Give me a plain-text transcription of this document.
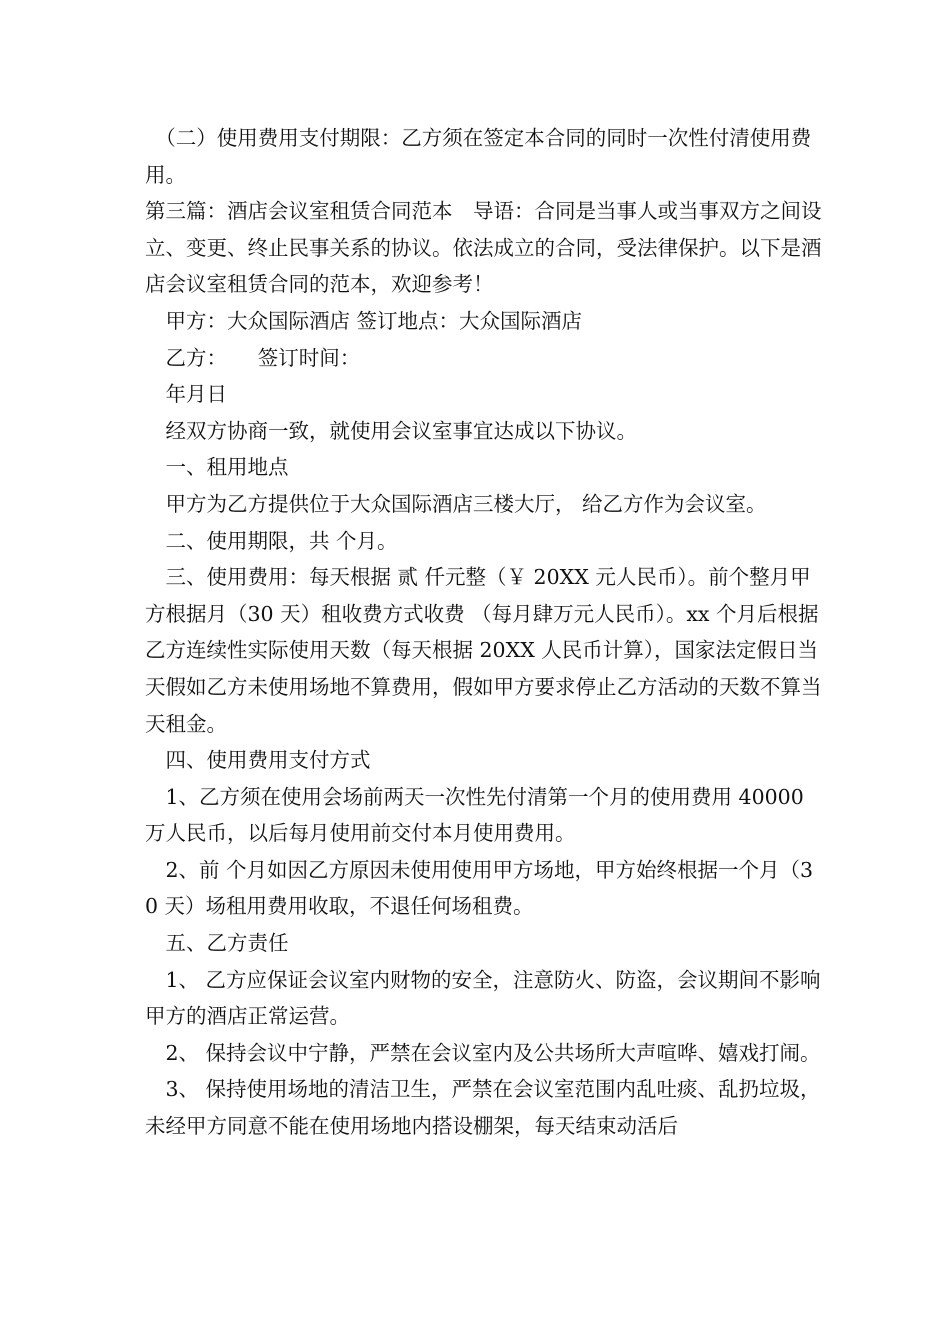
　（二）使用费用支付期限：乙方须在签定本合同的同时一次性付清使用费用。

第三篇：酒店会议室租赁合同范本　导语：合同是当事人或当事双方之间设立、变更、终止民事关系的协议。依法成立的合同，受法律保护。以下是酒店会议室租赁合同的范本，欢迎参考！

　甲方：大众国际酒店 签订地点：大众国际酒店

　乙方：　　签订时间：

　年月日

　经双方协商一致，就使用会议室事宜达成以下协议。

　一、租用地点

　甲方为乙方提供位于大众国际酒店三楼大厅， 给乙方作为会议室。

　二、使用期限，共 个月。

　三、使用费用：每天根据 贰 仟元整（￥ 20XX 元人民币）。前个整月甲方根据月（30 天）租收费方式收费 （每月肆万元人民币）。xx 个月后根据乙方连续性实际使用天数（每天根据 20XX 人民币计算），国家法定假日当天假如乙方未使用场地不算费用，假如甲方要求停止乙方活动的天数不算当天租金。

　四、使用费用支付方式

　1、乙方须在使用会场前两天一次性先付清第一个月的使用费用 40000 万人民币，以后每月使用前交付本月使用费用。

　2、前 个月如因乙方原因未使用使用甲方场地，甲方始终根据一个月（30 天）场租用费用收取，不退任何场租费。

　五、乙方责任

　1、 乙方应保证会议室内财物的安全，注意防火、防盗，会议期间不影响甲方的酒店正常运营。

　2、 保持会议中宁静，严禁在会议室内及公共场所大声喧哗、嬉戏打闹。

　3、 保持使用场地的清洁卫生，严禁在会议室范围内乱吐痰、乱扔垃圾，未经甲方同意不能在使用场地内搭设棚架，每天结束动活后
